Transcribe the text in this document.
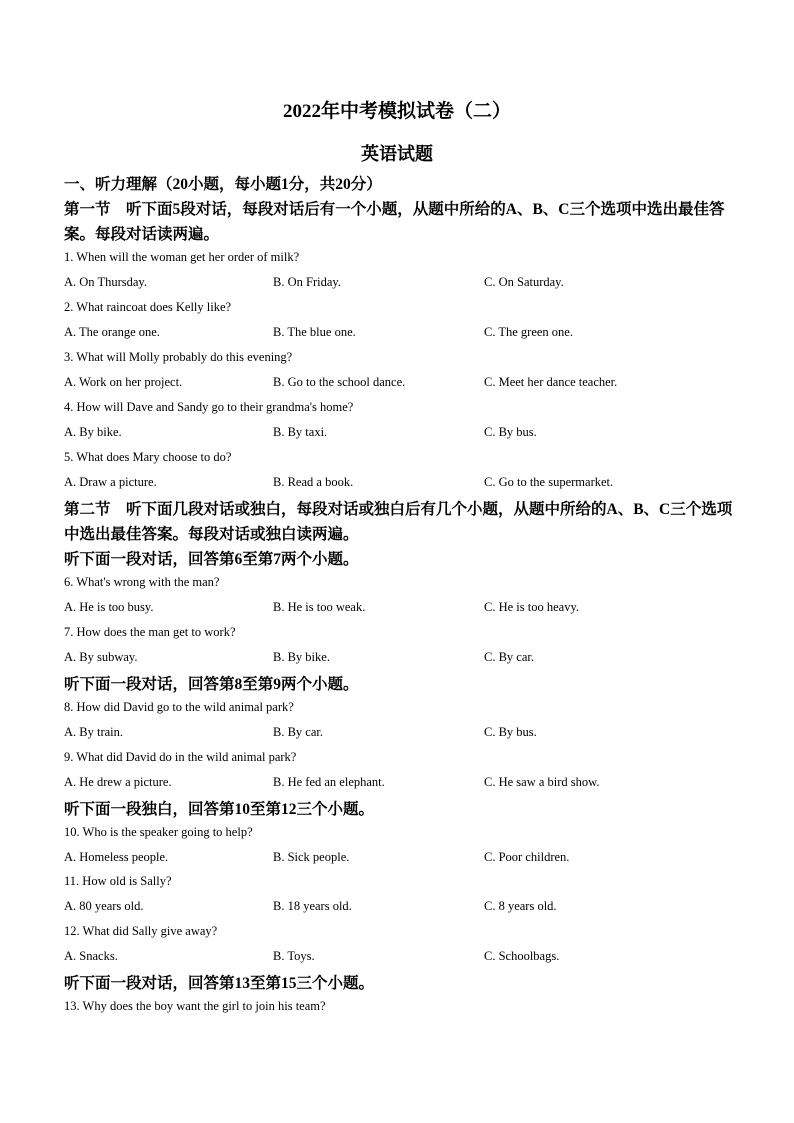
2022年中考模拟试卷（二）
英语试题
一、听力理解（20小题，每小题1分，共20分）
第一节　听下面5段对话，每段对话后有一个小题，从题中所给的A、B、C三个选项中选出最佳答案。每段对话读两遍。
1. When will the woman get her order of milk?
A. On Thursday.	B. On Friday.	C. On Saturday.
2. What raincoat does Kelly like?
A. The orange one.	B. The blue one.	C. The green one.
3. What will Molly probably do this evening?
A. Work on her project.	B. Go to the school dance.	C. Meet her dance teacher.
4. How will Dave and Sandy go to their grandma's home?
A. By bike.	B. By taxi.	C. By bus.
5. What does Mary choose to do?
A. Draw a picture.	B. Read a book.	C. Go to the supermarket.
第二节　听下面几段对话或独白，每段对话或独白后有几个小题，从题中所给的A、B、C三个选项中选出最佳答案。每段对话或独白读两遍。
听下面一段对话，回答第6至第7两个小题。
6. What's wrong with the man?
A. He is too busy.	B. He is too weak.	C. He is too heavy.
7. How does the man get to work?
A. By subway.	B. By bike.	C. By car.
听下面一段对话，回答第8至第9两个小题。
8. How did David go to the wild animal park?
A. By train.	B. By car.	C. By bus.
9. What did David do in the wild animal park?
A. He drew a picture.	B. He fed an elephant.	C. He saw a bird show.
听下面一段独白，回答第10至第12三个小题。
10. Who is the speaker going to help?
A. Homeless people.	B. Sick people.	C. Poor children.
11. How old is Sally?
A. 80 years old.	B. 18 years old.	C. 8 years old.
12. What did Sally give away?
A. Snacks.	B. Toys.	C. Schoolbags.
听下面一段对话，回答第13至第15三个小题。
13. Why does the boy want the girl to join his team?
